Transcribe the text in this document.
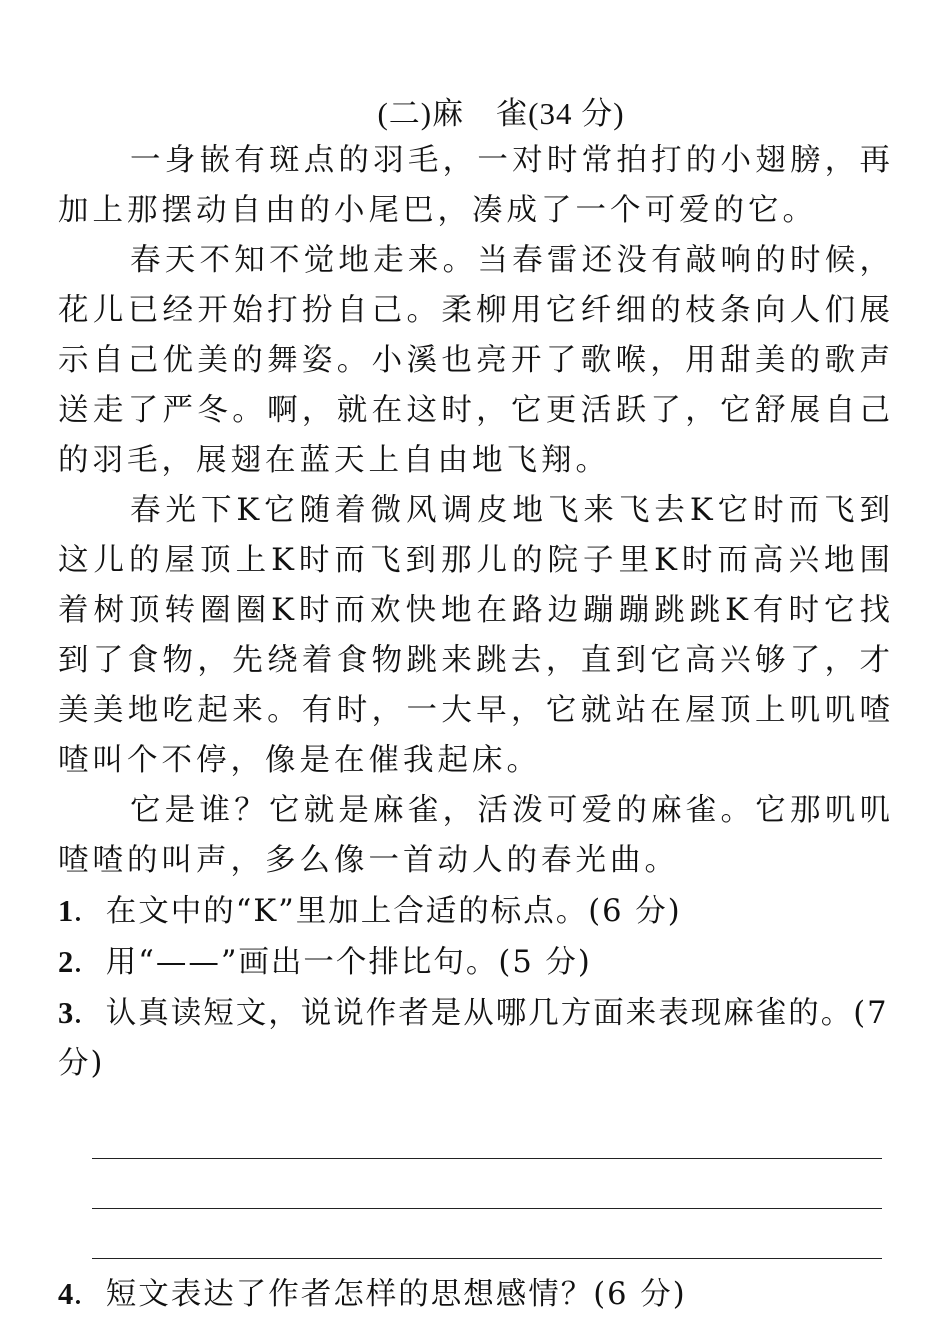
(二)麻　雀(34 分)

一身嵌有斑点的羽毛，一对时常拍打的小翅膀，再加上那摆动自由的小尾巴，凑成了一个可爱的它。

春天不知不觉地走来。当春雷还没有敲响的时候，花儿已经开始打扮自己。柔柳用它纤细的枝条向人们展示自己优美的舞姿。小溪也亮开了歌喉，用甜美的歌声送走了严冬。啊，就在这时，它更活跃了，它舒展自己的羽毛，展翅在蓝天上自由地飞翔。

春光下K它随着微风调皮地飞来飞去K它时而飞到这儿的屋顶上K时而飞到那儿的院子里K时而高兴地围着树顶转圈圈K时而欢快地在路边蹦蹦跳跳K有时它找到了食物，先绕着食物跳来跳去，直到它高兴够了，才美美地吃起来。有时，一大早，它就站在屋顶上叽叽喳喳叫个不停，像是在催我起床。

它是谁？它就是麻雀，活泼可爱的麻雀。它那叽叽喳喳的叫声，多么像一首动人的春光曲。

1．在文中的“K”里加上合适的标点。(6 分)

2．用“——”画出一个排比句。(5 分)

3．认真读短文，说说作者是从哪几方面来表现麻雀的。(7 分)

4．短文表达了作者怎样的思想感情？(6 分)
